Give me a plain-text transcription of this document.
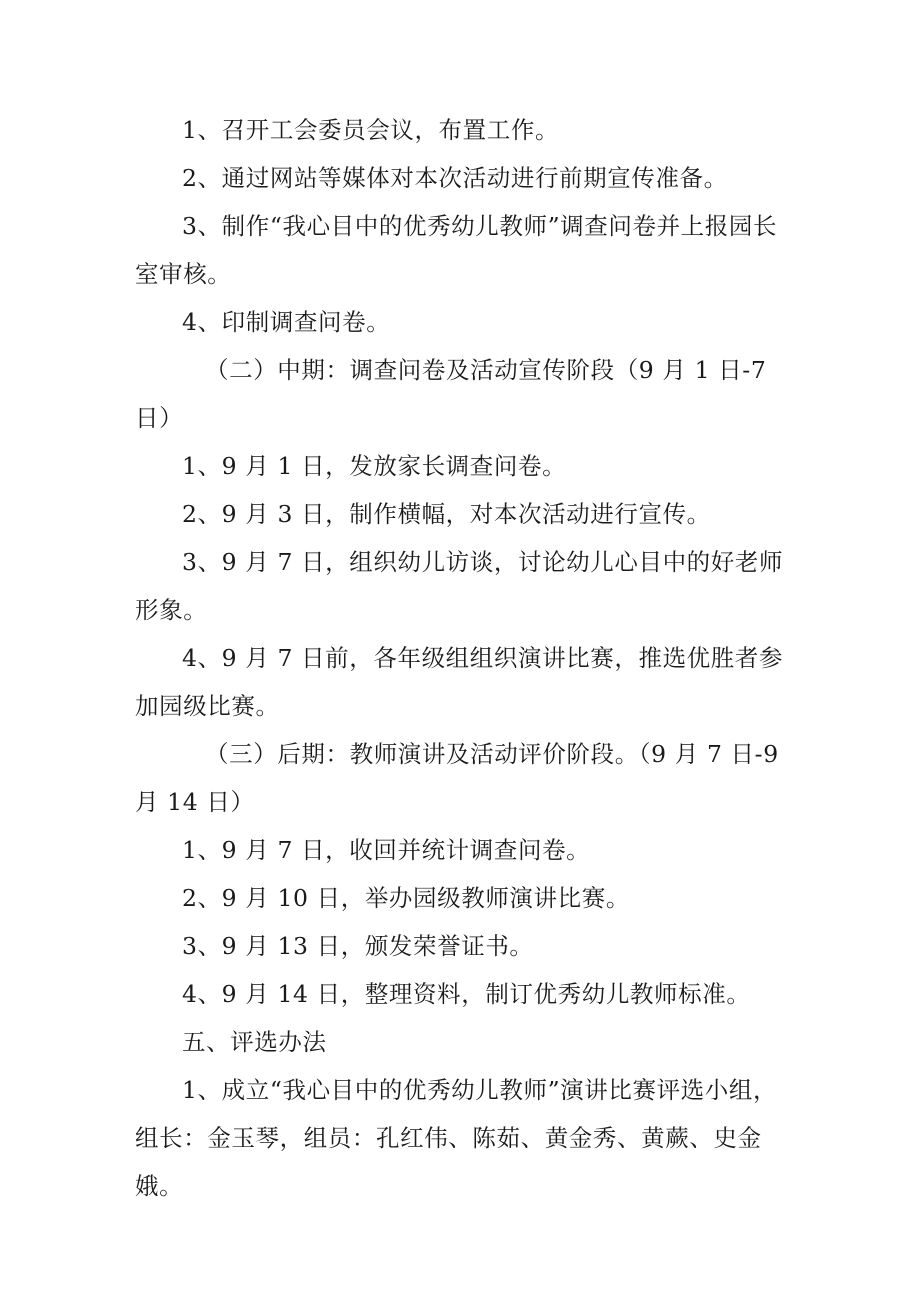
1、召开工会委员会议，布置工作。

2、通过网站等媒体对本次活动进行前期宣传准备。

3、制作“我心目中的优秀幼儿教师”调查问卷并上报园长室审核。

4、印制调查问卷。

（二）中期：调查问卷及活动宣传阶段（9 月 1 日-7 日）

1、9 月 1 日，发放家长调查问卷。

2、9 月 3 日，制作横幅，对本次活动进行宣传。

3、9 月 7 日，组织幼儿访谈，讨论幼儿心目中的好老师形象。

4、9 月 7 日前，各年级组组织演讲比赛，推选优胜者参加园级比赛。

（三）后期：教师演讲及活动评价阶段。（9 月 7 日-9 月 14 日）

1、9 月 7 日，收回并统计调查问卷。

2、9 月 10 日，举办园级教师演讲比赛。

3、9 月 13 日，颁发荣誉证书。

4、9 月 14 日，整理资料，制订优秀幼儿教师标准。

五、评选办法

1、成立“我心目中的优秀幼儿教师”演讲比赛评选小组，组长：金玉琴，组员：孔红伟、陈茹、黄金秀、黄蕨、史金娥。
